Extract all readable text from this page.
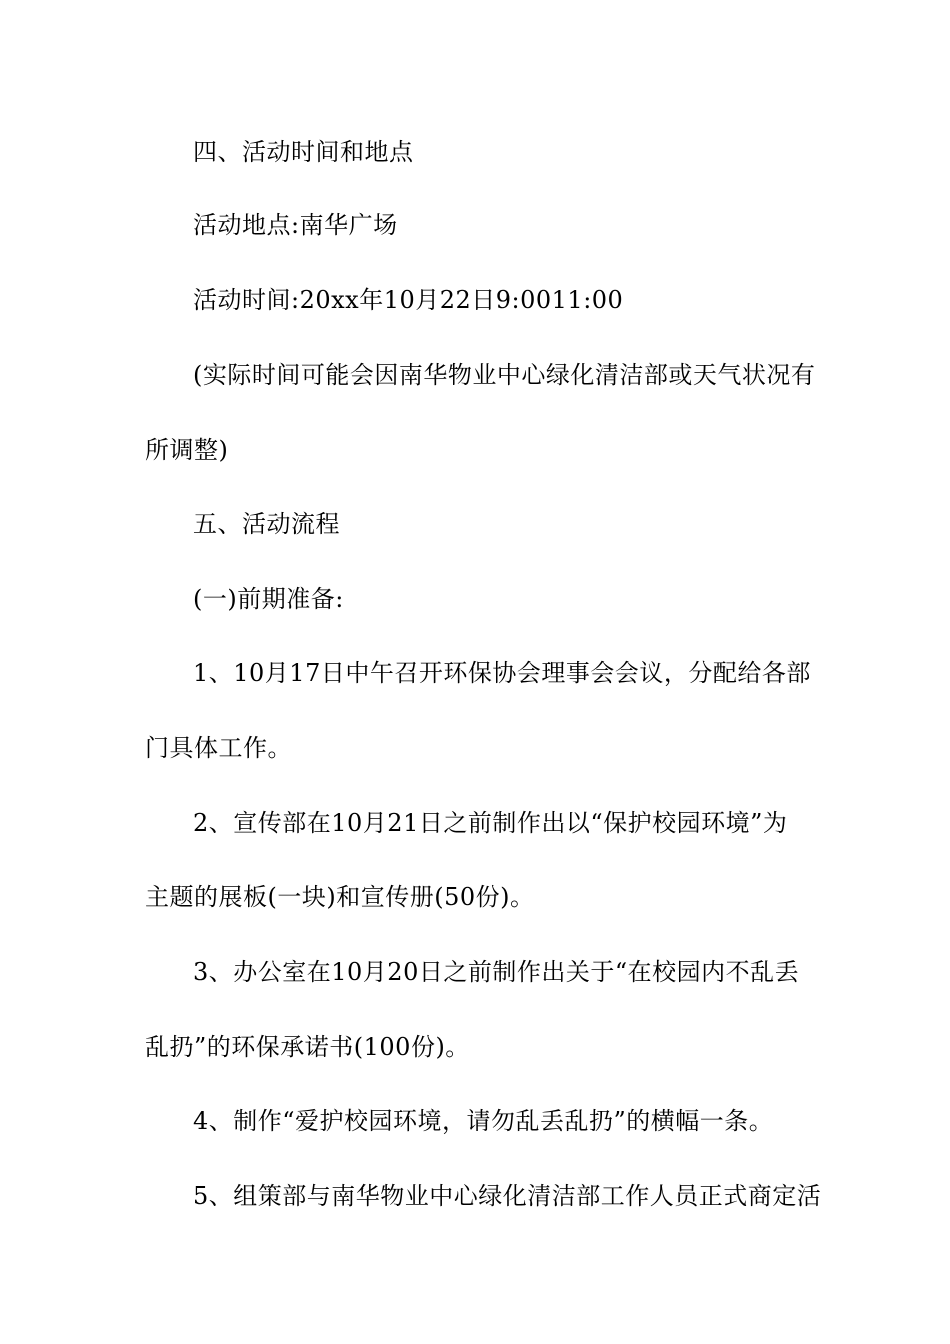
四、活动时间和地点
活动地点:南华广场
活动时间:20xx年10月22日9:0011:00
(实际时间可能会因南华物业中心绿化清洁部或天气状况有
所调整)
五、活动流程
(一)前期准备:
1、10月17日中午召开环保协会理事会会议，分配给各部
门具体工作。
2、宣传部在10月21日之前制作出以“保护校园环境”为
主题的展板(一块)和宣传册(50份)。
3、办公室在10月20日之前制作出关于“在校园内不乱丢
乱扔”的环保承诺书(100份)。
4、制作“爱护校园环境，请勿乱丢乱扔”的横幅一条。
5、组策部与南华物业中心绿化清洁部工作人员正式商定活
